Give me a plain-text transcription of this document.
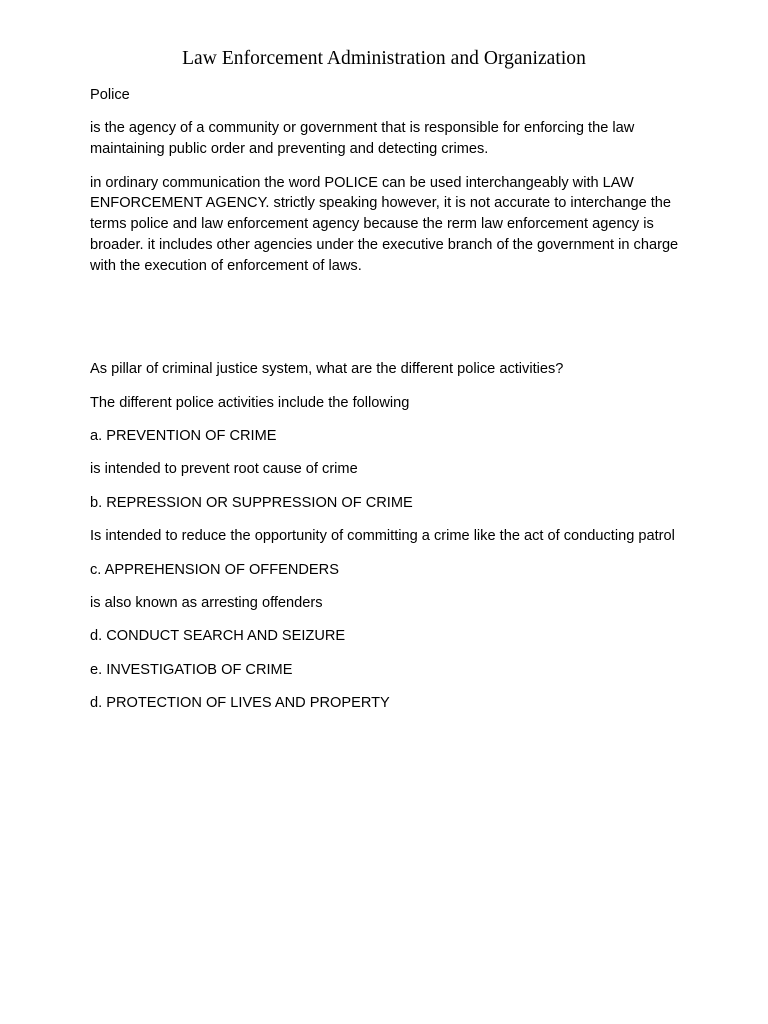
Law Enforcement Administration and Organization

Police

is the agency of a community or government that is responsible for enforcing the law maintaining public order and preventing and detecting crimes.

in ordinary communication the word POLICE can be used interchangeably with LAW ENFORCEMENT AGENCY. strictly speaking however, it is not accurate to interchange the terms police and law enforcement agency because the rerm law enforcement agency is broader. it includes other agencies under the executive branch of the government in charge with the execution of enforcement of laws.

As pillar of criminal justice system, what are the different police activities?

The different police activities include the following

a. PREVENTION OF CRIME

is intended to prevent root cause of crime

b. REPRESSION OR SUPPRESSION OF CRIME

Is intended to reduce the opportunity of committing a crime like the act of conducting patrol

c. APPREHENSION OF OFFENDERS

is also known as arresting offenders

d. CONDUCT SEARCH AND SEIZURE

e. INVESTIGATIOB OF CRIME

d. PROTECTION OF LIVES AND PROPERTY
